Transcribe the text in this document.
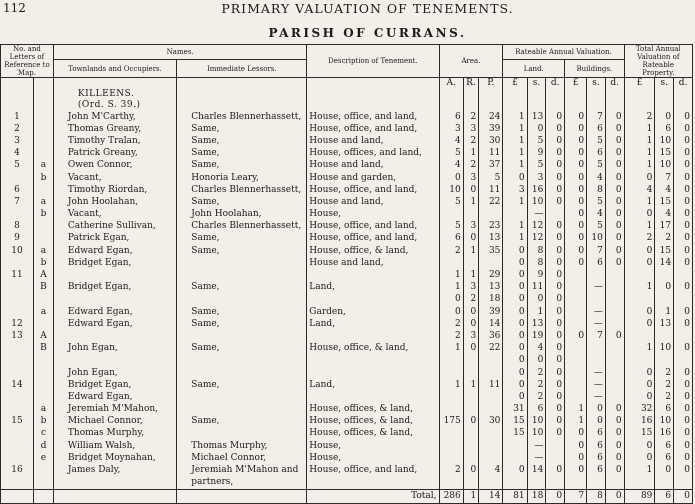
112	PRIMARY VALUATION OF TENEMENTS.
PARISH OF CURRANS.
No. and Letters of Reference to Map.		Names.		Description of Tenement.	Area.			Rateable Annual Valuation.						Total Annual Valuation of Rateable Property.		
		Townlands and Occupiers.	Immediate Lessors.					Land.			Buildings.					

					A.	R.	P.	£	s.	d.	£	s.	d.	£	s.	d.
		KILLEENS.														
		(Ord. S. 39.)														
1		John M'Carthy,	Charles Blennerhassett,	House, office, and land,	6	2	24	1	13	0	0	7	0	2	0	0
2		Thomas Greany,	Same,	House, office, and land,	3	3	39	1	0	0	0	6	0	1	6	0
3		Timothy Tralan,	Same,	House and land,	4	2	30	1	5	0	0	5	0	1	10	0
4		Patrick Greany,	Same,	House, offices, and land,	5	1	11	1	9	0	0	6	0	1	15	0
5	a	Owen Connor,	Same,	House and land,	4	2	37	1	5	0	0	5	0	1	10	0
	b	Vacant,	Honoria Leary,	House and garden,	0	3	5	0	3	0	0	4	0	0	7	0
6		Timothy Riordan,	Charles Blennerhassett,	House, office, and land,	10	0	11	3	16	0	0	8	0	4	4	0
7	a	John Hoolahan,	Same,	House and land,	5	1	22	1	10	0	0	5	0	1	15	0
	b	Vacant,	John Hoolahan,	House,					—		0	4	0	0	4	0
8		Catherine Sullivan,	Charles Blennerhassett,	House, office, and land,	5	3	23	1	12	0	0	5	0	1	17	0
9		Patrick Egan,	Same,	House, office, and land,	6	0	13	1	12	0	0	10	0	2	2	0
10	a	Edward Egan,	Same,	House, office, & land,	2	1	35	0	8	0	0	7	0	0	15	0
	b	Bridget Egan,		House and land,				0	8	0	0	6	0	0	14	0
11	A				1	1	29	0	9	0						
	B	Bridget Egan,	Same,	Land,	1	3	13	0	11	0		—		1	0	0
					0	2	18	0	0	0						
	a	Edward Egan,	Same,	Garden,	0	0	39	0	1	0		—		0	1	0
12		Edward Egan,	Same,	Land,	2	0	14	0	13	0		—		0	13	0
13	A				2	3	36	0	19	0	0	7	0			
	B	John Egan,	Same,	House, office, & land,	1	0	22	0	4	0				1	10	0
								0	0	0						
		John Egan,						0	2	0		—		0	2	0
14		Bridget Egan,	Same,	Land,	1	1	11	0	2	0		—		0	2	0
		Edward Egan,						0	2	0		—		0	2	0
	a	Jeremiah M'Mahon,		House, offices, & land,				31	6	0	1	0	0	32	6	0
15	b	Michael Connor,	Same,	House, offices, & land,	175	0	30	15	10	0	1	0	0	16	10	0
	c	Thomas Murphy,		House, offices, & land,				15	10	0	0	6	0	15	16	0
	d	William Walsh,	Thomas Murphy,	House,					—		0	6	0	0	6	0
	e	Bridget Moynahan,	Michael Connor,	House,					—		0	6	0	0	6	0
16		James Daly,	Jeremiah M'Mahon and	House, office, and land,	2	0	4	0	14	0	0	6	0	1	0	0
			partners,													
				Total,	286	1	14	81	18	0	7	8	0	89	6	0
